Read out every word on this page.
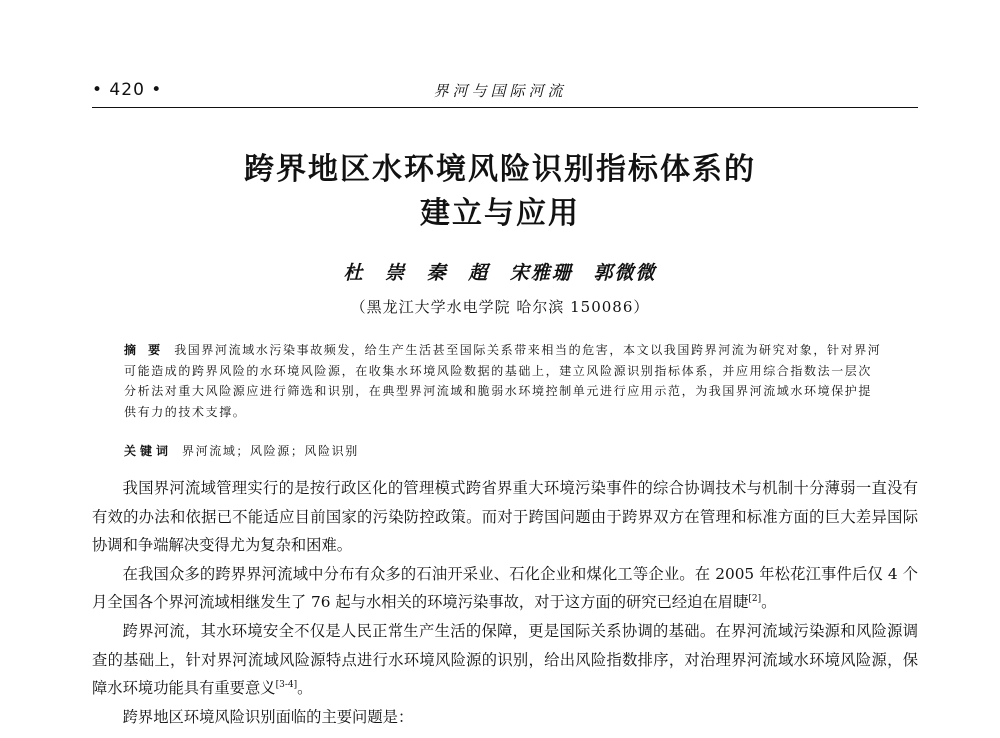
• 420 •	界河与国际河流
跨界地区水环境风险识别指标体系的
建立与应用
杜 崇 秦 超 宋雅珊 郭微微
（黑龙江大学水电学院 哈尔滨 150086）
摘 要 我国界河流域水污染事故频发，给生产生活甚至国际关系带来相当的危害，本文以我国跨界河流为研究对象，针对界河可能造成的跨界风险的水环境风险源，在收集水环境风险数据的基础上，建立风险源识别指标体系，并应用综合指数法一层次分析法对重大风险源应进行筛选和识别，在典型界河流域和脆弱水环境控制单元进行应用示范，为我国界河流域水环境保护提供有力的技术支撑。
关键词 界河流域；风险源；风险识别

我国界河流域管理实行的是按行政区化的管理模式跨省界重大环境污染事件的综合协调技术与机制十分薄弱一直没有有效的办法和依据已不能适应目前国家的污染防控政策。而对于跨国问题由于跨界双方在管理和标准方面的巨大差异国际协调和争端解决变得尤为复杂和困难。

在我国众多的跨界界河流域中分布有众多的石油开采业、石化企业和煤化工等企业。在 2005 年松花江事件后仅 4 个月全国各个界河流域相继发生了 76 起与水相关的环境污染事故，对于这方面的研究已经迫在眉睫[2]。

跨界河流，其水环境安全不仅是人民正常生产生活的保障，更是国际关系协调的基础。在界河流域污染源和风险源调查的基础上，针对界河流域风险源特点进行水环境风险源的识别，给出风险指数排序，对治理界河流域水环境风险源，保障水环境功能具有重要意义[3-4]。

跨界地区环境风险识别面临的主要问题是：
